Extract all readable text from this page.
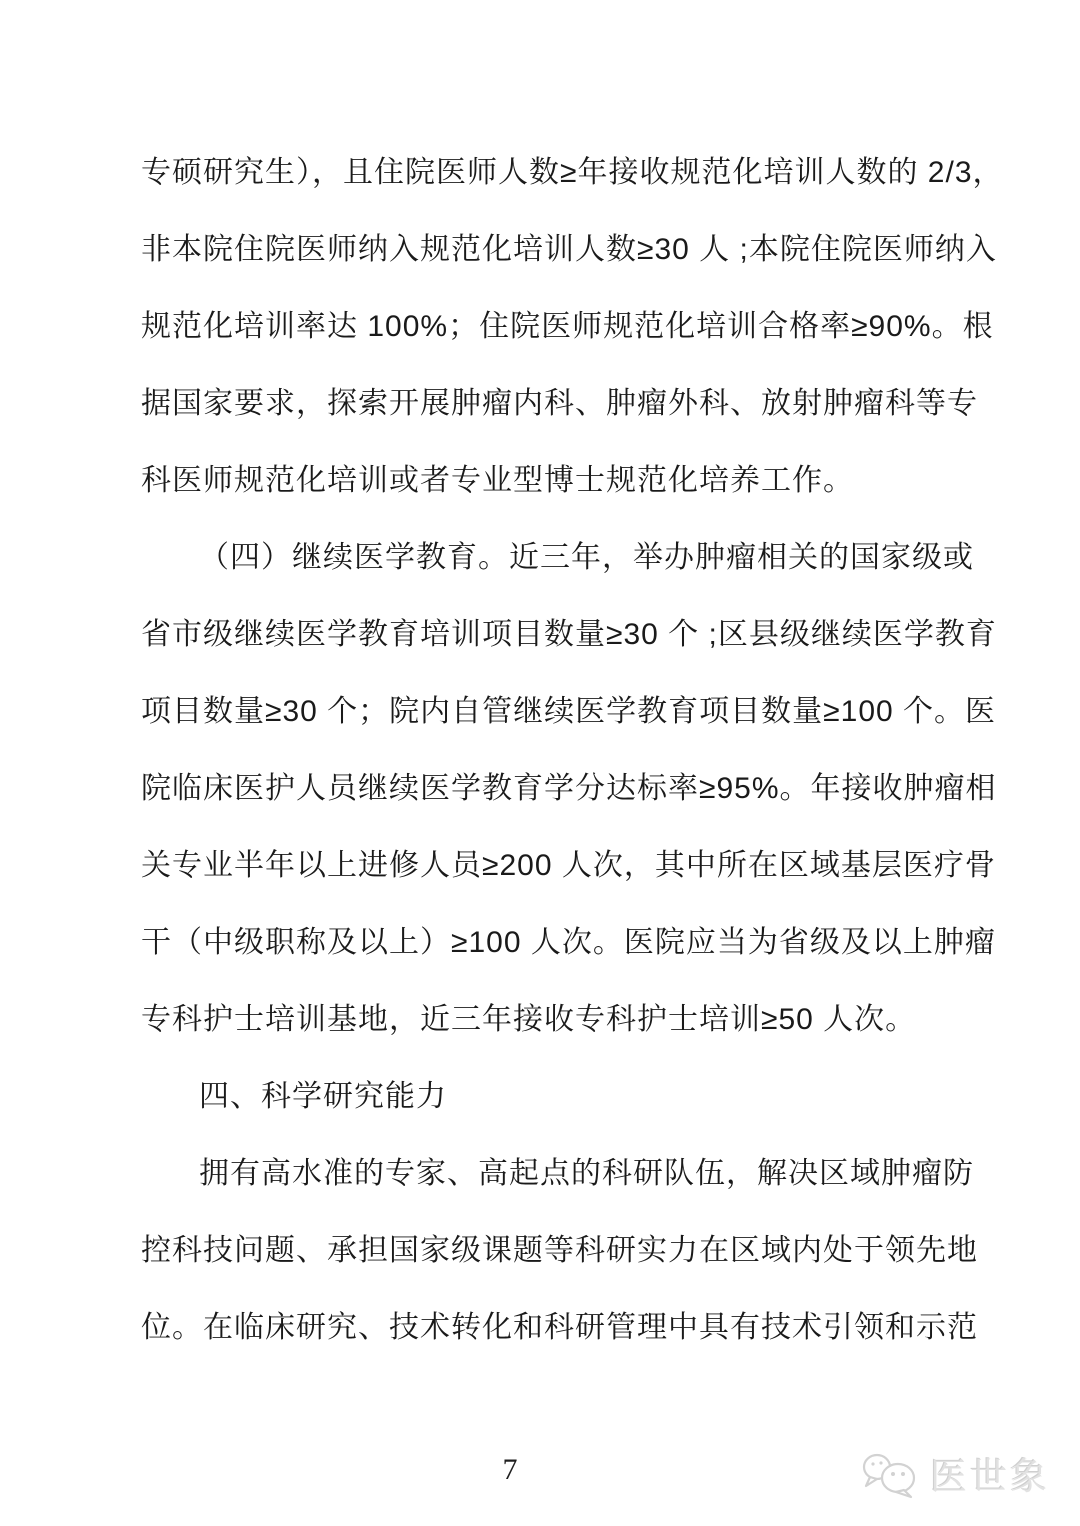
专硕研究生），且住院医师人数≥年接收规范化培训人数的 2/3，
非本院住院医师纳入规范化培训人数≥30 人 ;本院住院医师纳入
规范化培训率达 100%；住院医师规范化培训合格率≥90%。根
据国家要求，探索开展肿瘤内科、肿瘤外科、放射肿瘤科等专
科医师规范化培训或者专业型博士规范化培养工作。
（四）继续医学教育。近三年，举办肿瘤相关的国家级或
省市级继续医学教育培训项目数量≥30 个 ;区县级继续医学教育
项目数量≥30 个；院内自管继续医学教育项目数量≥100 个。医
院临床医护人员继续医学教育学分达标率≥95%。年接收肿瘤相
关专业半年以上进修人员≥200 人次，其中所在区域基层医疗骨
干（中级职称及以上）≥100 人次。医院应当为省级及以上肿瘤
专科护士培训基地，近三年接收专科护士培训≥50 人次。
四、科学研究能力
拥有高水准的专家、高起点的科研队伍，解决区域肿瘤防
控科技问题、承担国家级课题等科研实力在区域内处于领先地
位。在临床研究、技术转化和科研管理中具有技术引领和示范
7	医世象
